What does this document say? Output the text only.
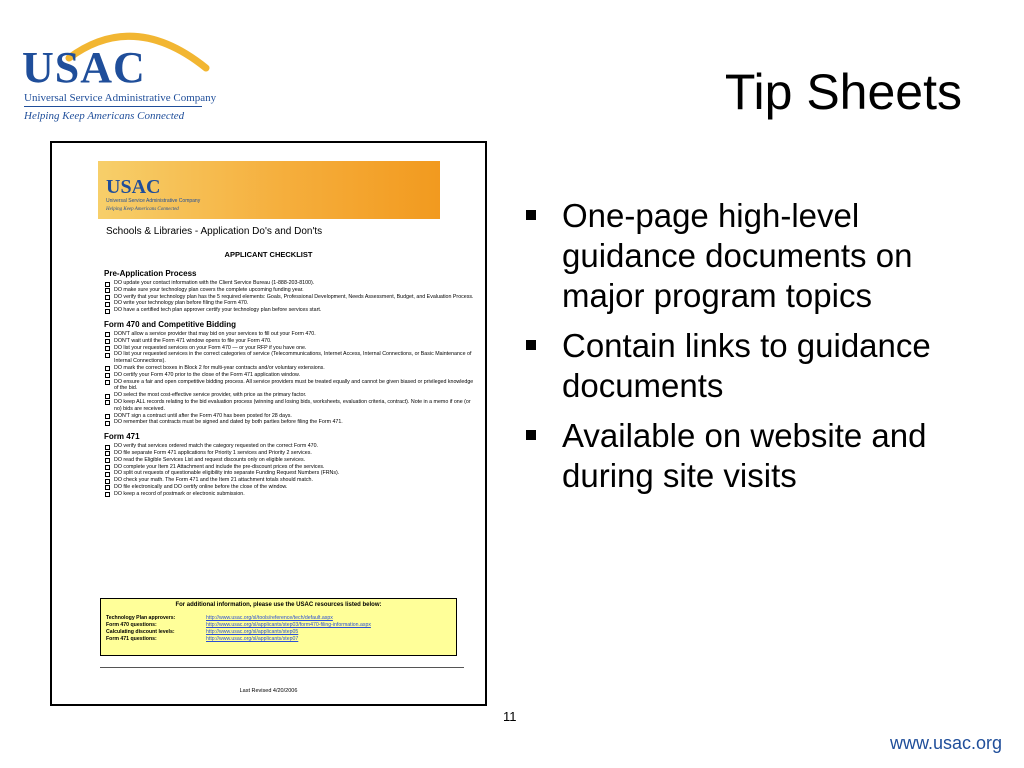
USAC
Universal Service Administrative Company
Helping Keep Americans Connected	Tip Sheets
USAC
Universal Service Administrative Company
Helping Keep Americans Connected
Schools & Libraries - Application Do's and Don'ts
APPLICANT CHECKLIST
Pre-Application Process
DO update your contact information with the Client Service Bureau (1-888-203-8100).
DO make sure your technology plan covers the complete upcoming funding year.
DO verify that your technology plan has the 5 required elements: Goals, Professional Development, Needs Assessment, Budget, and Evaluation Process.
DO write your technology plan before filing the Form 470.
DO have a certified tech plan approver certify your technology plan before services start.
Form 470 and Competitive Bidding
DON'T allow a service provider that may bid on your services to fill out your Form 470.
DON'T wait until the Form 471 window opens to file your Form 470.
DO list your requested services on your Form 470 — or your RFP if you have one.
DO list your requested services in the correct categories of service (Telecommunications, Internet Access, Internal Connections, or Basic Maintenance of Internal Connections).
DO mark the correct boxes in Block 2 for multi-year contracts and/or voluntary extensions.
DO certify your Form 470 prior to the close of the Form 471 application window.
DO ensure a fair and open competitive bidding process. All service providers must be treated equally and cannot be given biased or privileged knowledge of the bid.
DO select the most cost-effective service provider, with price as the primary factor.
DO keep ALL records relating to the bid evaluation process (winning and losing bids, worksheets, evaluation criteria, contract). Note in a memo if one (or no) bids are received.
DON'T sign a contract until after the Form 470 has been posted for 28 days.
DO remember that contracts must be signed and dated by both parties before filing the Form 471.
Form 471
DO verify that services ordered match the category requested on the correct Form 470.
DO file separate Form 471 applications for Priority 1 services and Priority 2 services.
DO read the Eligible Services List and request discounts only on eligible services.
DO complete your Item 21 Attachment and include the pre-discount prices of the services.
DO split out requests of questionable eligibility into separate Funding Request Numbers (FRNs).
DO check your math. The Form 471 and the Item 21 attachment totals should match.
DO file electronically and DO certify online before the close of the window.
DO keep a record of postmark or electronic submission.
For additional information, please use the USAC resources listed below:
Technology Plan approvers:	http://www.usac.org/sl/tools/reference/tech/default.aspx
Form 470 questions:	http://www.usac.org/sl/applicants/step03/form470-filing-information.aspx
Calculating discount levels:	http://www.usac.org/sl/applicants/step05
Form 471 questions:	http://www.usac.org/sl/applicants/step07
Last Revised 4/20/2006
One-page high-level guidance documents on major program topics
Contain links to guidance documents
Available on website and during site visits
11
www.usac.org
